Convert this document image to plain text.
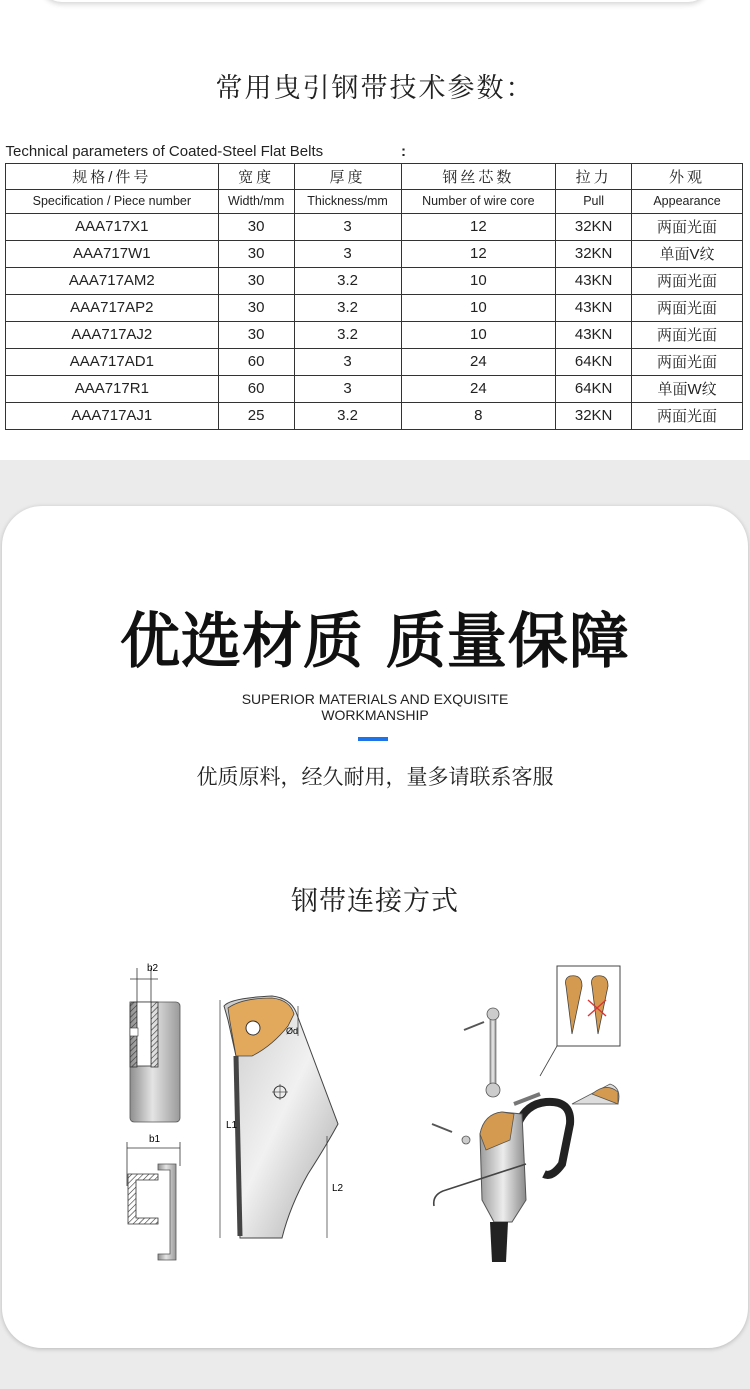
常用曳引钢带技术参数：
Technical parameters of Coated-Steel Flat Belts			:		
规格/件号	宽度	厚度	钢丝芯数	拉力	外观
Specification / Piece number	Width/mm	Thickness/mm	Number of wire core	Pull	Appearance
AAA717X1	30	3	12	32KN	两面光面
AAA717W1	30	3	12	32KN	单面V纹
AAA717AM2	30	3.2	10	43KN	两面光面
AAA717AP2	30	3.2	10	43KN	两面光面
AAA717AJ2	30	3.2	10	43KN	两面光面
AAA717AD1	60	3	24	64KN	两面光面
AAA717R1	60	3	24	64KN	单面W纹
AAA717AJ1	25	3.2	8	32KN	两面光面
优选材质 质量保障
SUPERIOR MATERIALS AND EXQUISITE
WORKMANSHIP
优质原料，经久耐用，量多请联系客服
钢带连接方式
b2
b1
L1
L2
Ød
